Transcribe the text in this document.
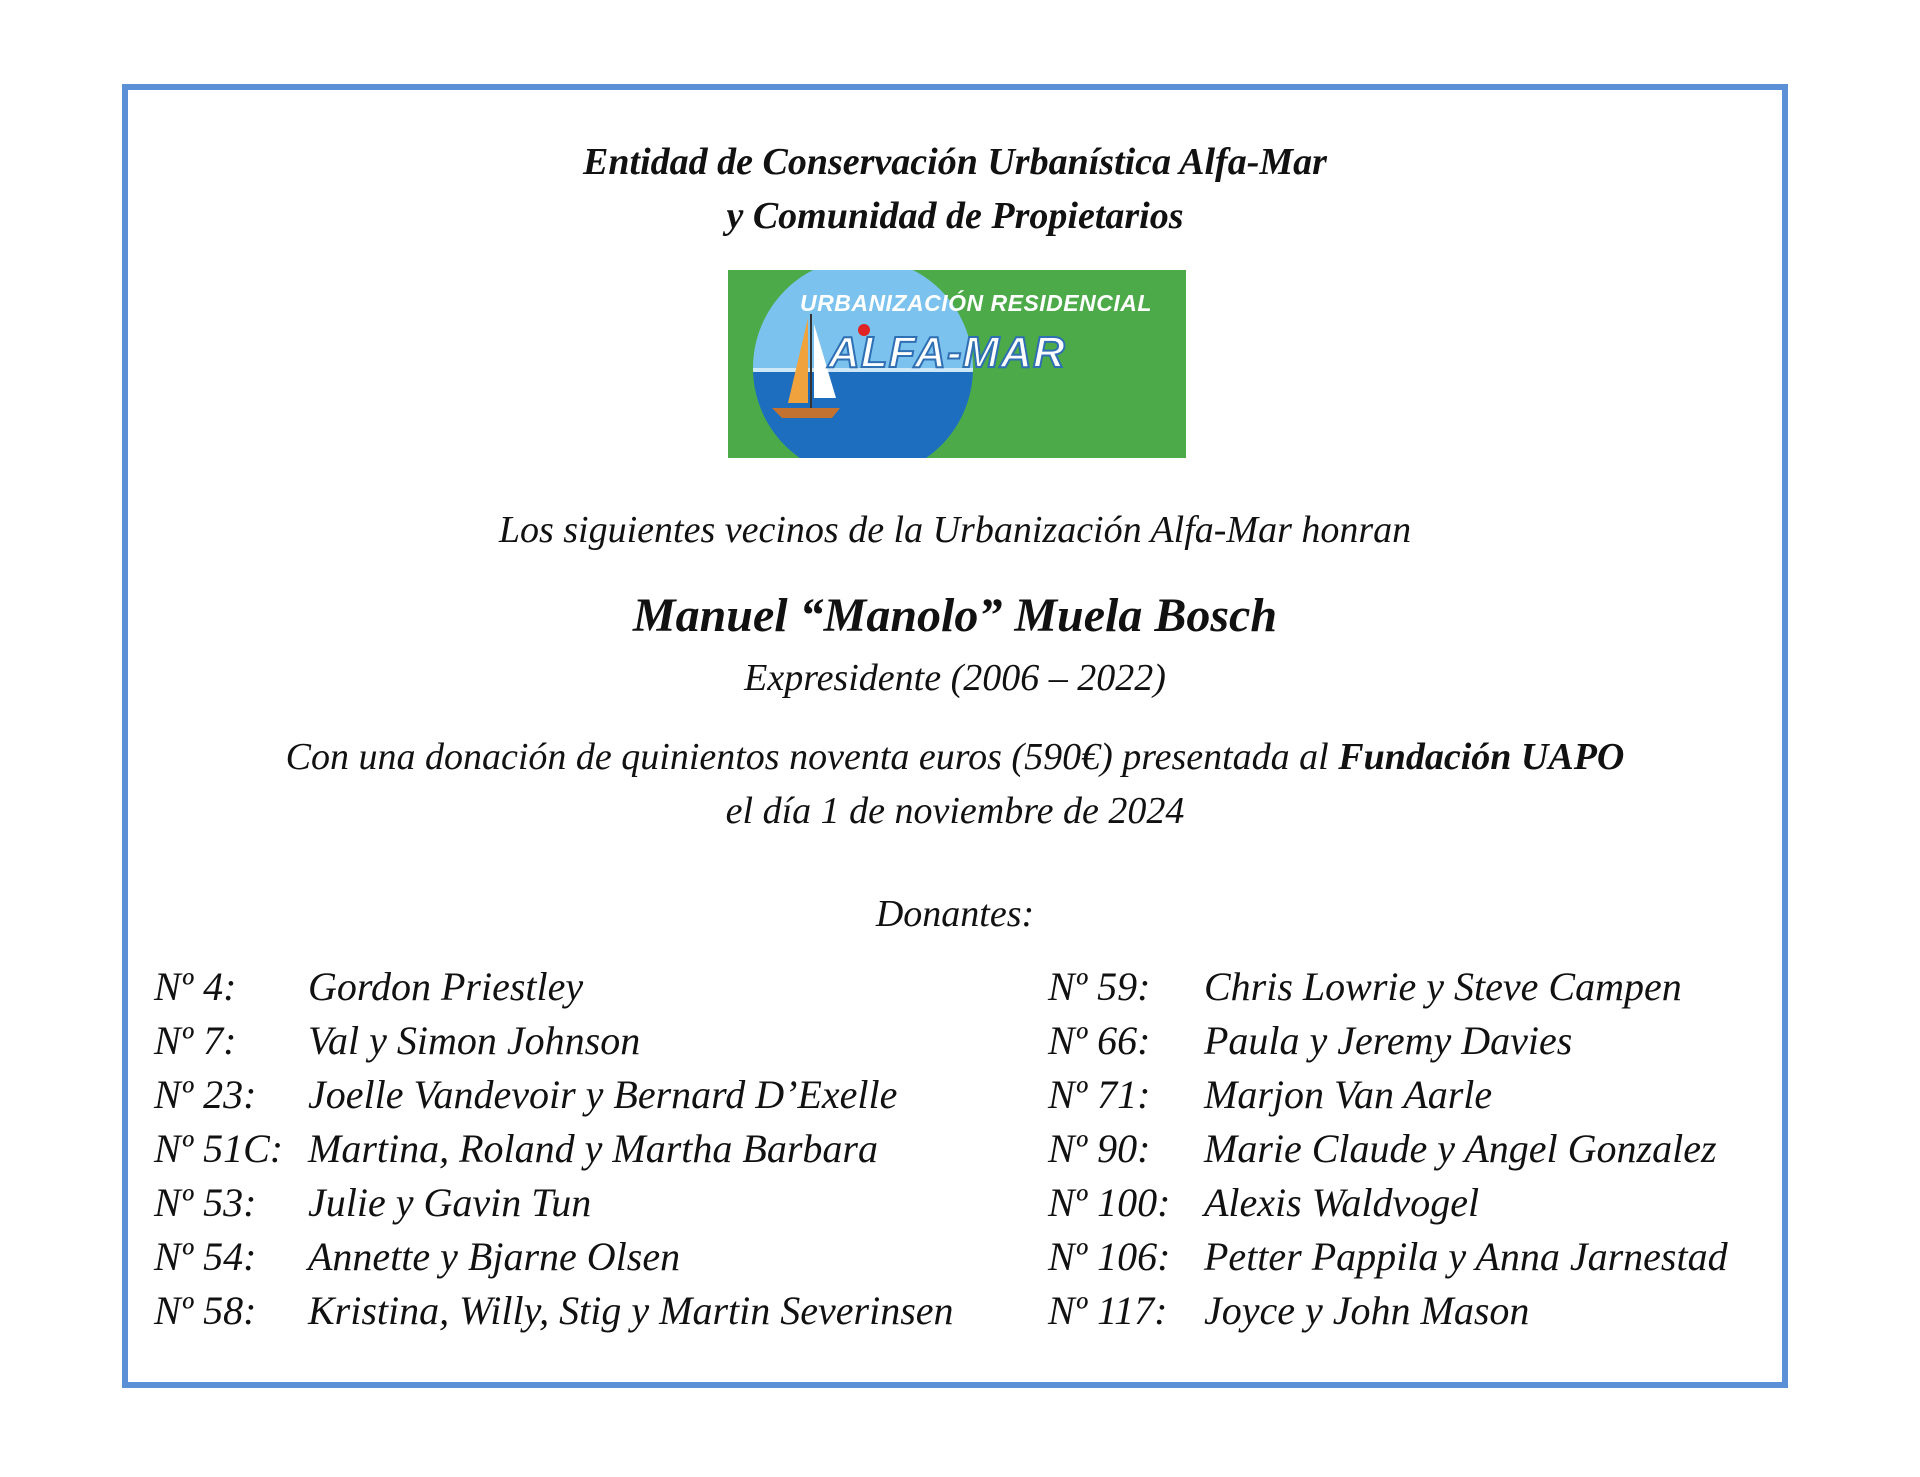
Entidad de Conservación Urbanística Alfa-Mar
y Comunidad de Propietarios
URBANIZACIÓN RESIDENCIAL
ALFA-MAR
Los siguientes vecinos de la Urbanización Alfa-Mar honran
Manuel “Manolo” Muela Bosch
Expresidente (2006 – 2022)
Con una donación de quinientos noventa euros (590€) presentada al Fundación UAPO
el día 1 de noviembre de 2024
Donantes:
Nº 4: Gordon Priestley
Nº 7: Val y Simon Johnson
Nº 23: Joelle Vandevoir y Bernard D’Exelle
Nº 51C: Martina, Roland y Martha Barbara
Nº 53: Julie y Gavin Tun
Nº 54: Annette y Bjarne Olsen
Nº 58: Kristina, Willy, Stig y Martin Severinsen
Nº 59: Chris Lowrie y Steve Campen
Nº 66: Paula y Jeremy Davies
Nº 71: Marjon Van Aarle
Nº 90: Marie Claude y Angel Gonzalez
Nº 100: Alexis Waldvogel
Nº 106: Petter Pappila y Anna Jarnestad
Nº 117: Joyce y John Mason
